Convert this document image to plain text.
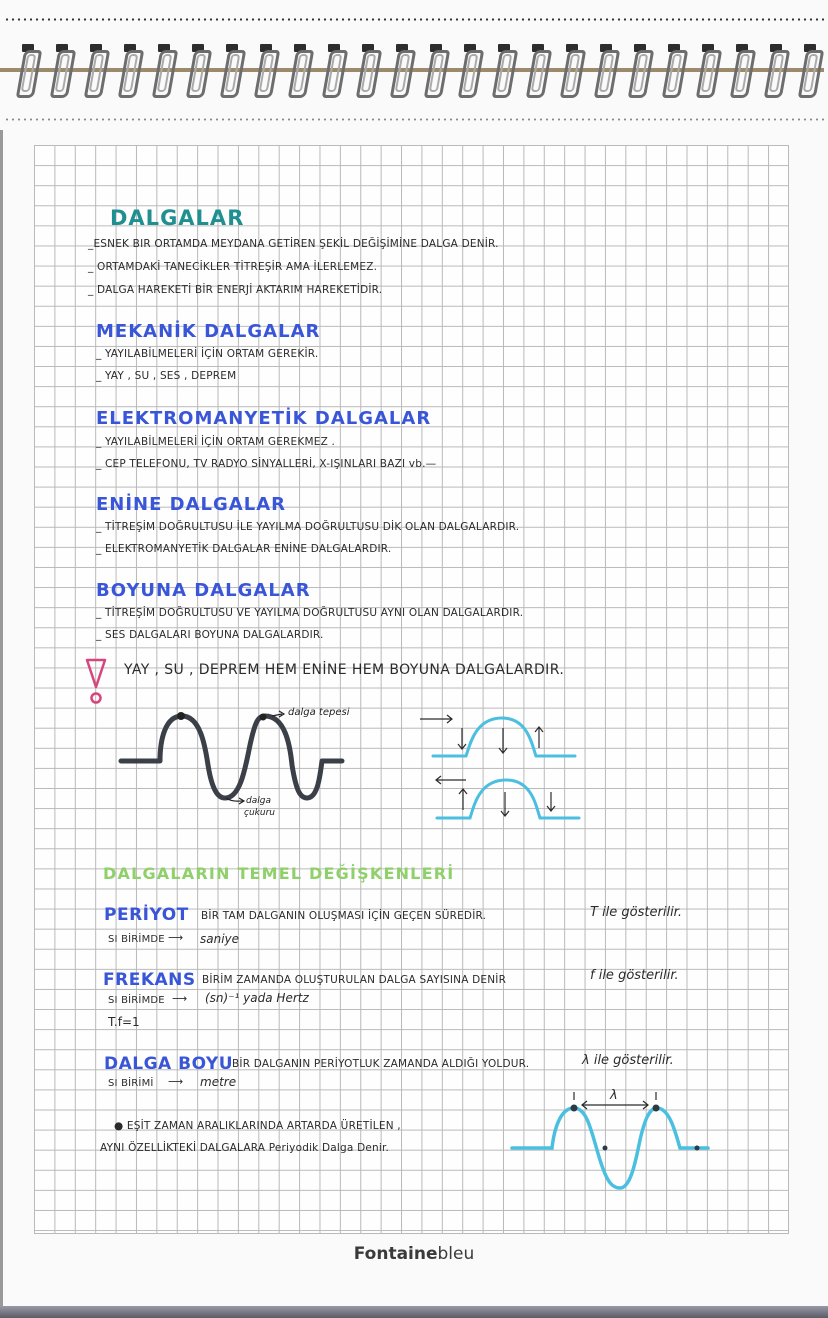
DALGALAR
_ESNEK BIR ORTAMDA MEYDANA GETİREN ŞEKİL DEĞİŞİMİNE DALGA DENİR.
_ ORTAMDAKİ TANECİKLER TİTREŞİR AMA İLERLEMEZ.
_ DALGA HAREKETİ BİR ENERJİ AKTARIM HAREKETİDİR.
MEKANİK DALGALAR
_ YAYILABİLMELERİ İÇİN ORTAM GEREKİR.
_ YAY , SU , SES , DEPREM
ELEKTROMANYETİK DALGALAR
_ YAYILABİLMELERİ İÇİN ORTAM GEREKMEZ .
_ CEP TELEFONU, TV RADYO SİNYALLERİ, X-IŞINLARI BAZI vb.—
ENİNE DALGALAR
_ TİTREŞİM DOĞRULTUSU İLE YAYILMA DOĞRULTUSU DİK OLAN DALGALARDIR.
_ ELEKTROMANYETİK DALGALAR ENİNE DALGALARDIR.
BOYUNA DALGALAR
_ TİTREŞİM DOĞRULTUSU VE YAYILMA DOĞRULTUSU AYNI OLAN DALGALARDIR.
_ SES DALGALARI BOYUNA DALGALARDIR.
YAY , SU , DEPREM HEM ENİNE HEM BOYUNA DALGALARDIR.
dalga tepesi
dalga
çukuru
DALGALARIN TEMEL DEĞİŞKENLERİ
PERİYOT BİR TAM DALGANIN OLUŞMASI İÇİN GEÇEN SÜREDİR.	T ile gösterilir.
SI BİRİMDE ⟶ saniye
FREKANS BİRİM ZAMANDA OLUŞTURULAN DALGA SAYISINA DENİR	f ile gösterilir.
SI BİRİMDE ⟶ (sn)⁻¹ yada Hertz
T.f=1
DALGA BOYU
BİR DALGANIN PERİYOTLUK ZAMANDA ALDIĞI YOLDUR.	λ ile gösterilir.
SI BİRİMİ ⟶ metre
● EŞİT ZAMAN ARALIKLARINDA ARTARDA ÜRETİLEN ,
AYNI ÖZELLİKTEKİ DALGALARA Periyodik Dalga Denir.
λ
Fontainebleu
